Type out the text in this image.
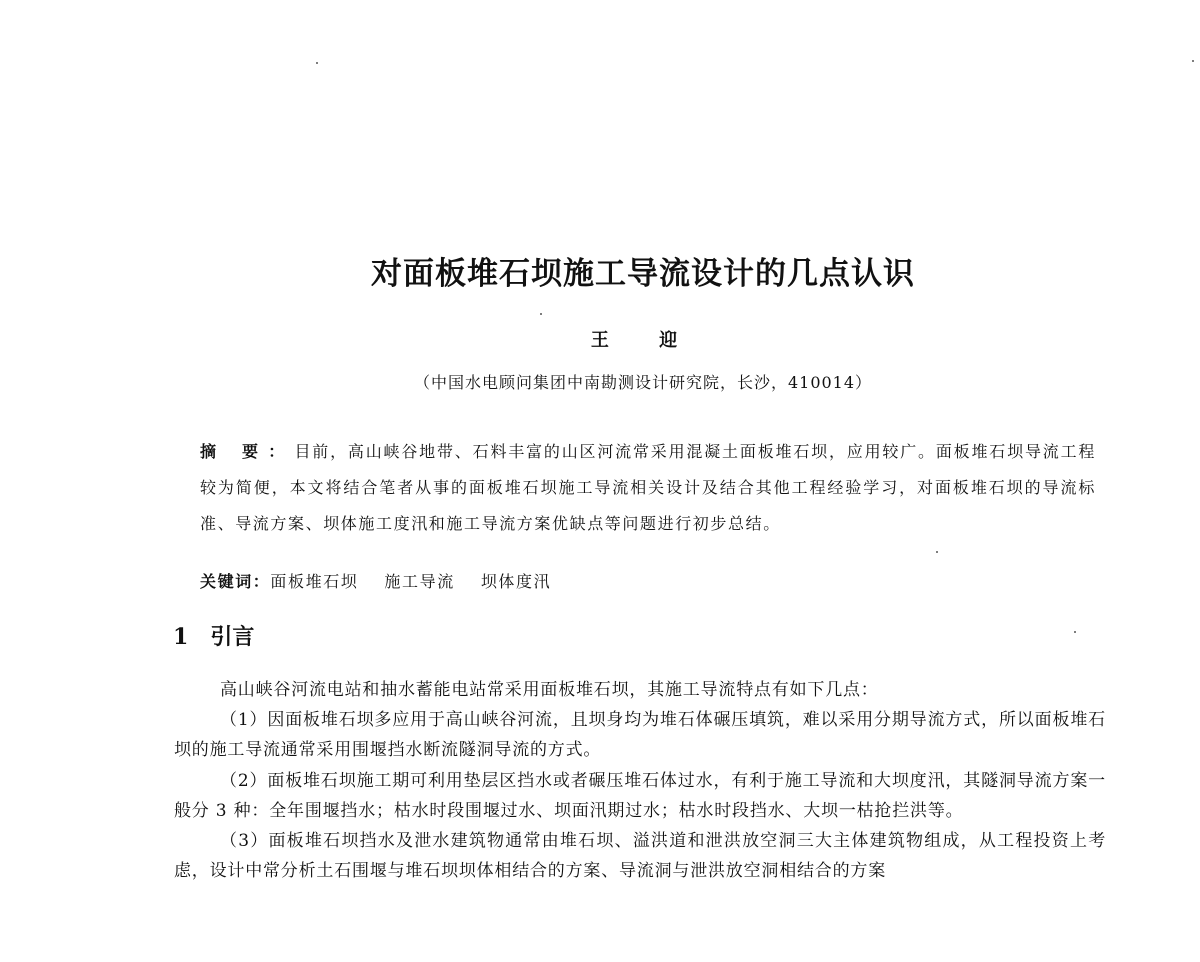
对面板堆石坝施工导流设计的几点认识
王 迎
（中国水电顾问集团中南勘测设计研究院，长沙，410014）
摘 要：目前，高山峡谷地带、石料丰富的山区河流常采用混凝土面板堆石坝，应用较广。面板堆石坝导流工程较为简便，本文将结合笔者从事的面板堆石坝施工导流相关设计及结合其他工程经验学习，对面板堆石坝的导流标准、导流方案、坝体施工度汛和施工导流方案优缺点等问题进行初步总结。
关键词：面板堆石坝 施工导流 坝体度汛
1 引言

高山峡谷河流电站和抽水蓄能电站常采用面板堆石坝，其施工导流特点有如下几点：

（1）因面板堆石坝多应用于高山峡谷河流，且坝身均为堆石体碾压填筑，难以采用分期导流方式，所以面板堆石坝的施工导流通常采用围堰挡水断流隧洞导流的方式。

（2）面板堆石坝施工期可利用垫层区挡水或者碾压堆石体过水，有利于施工导流和大坝度汛，其隧洞导流方案一般分 3 种：全年围堰挡水；枯水时段围堰过水、坝面汛期过水；枯水时段挡水、大坝一枯抢拦洪等。

（3）面板堆石坝挡水及泄水建筑物通常由堆石坝、溢洪道和泄洪放空洞三大主体建筑物组成，从工程投资上考虑，设计中常分析土石围堰与堆石坝坝体相结合的方案、导流洞与泄洪放空洞相结合的方案
